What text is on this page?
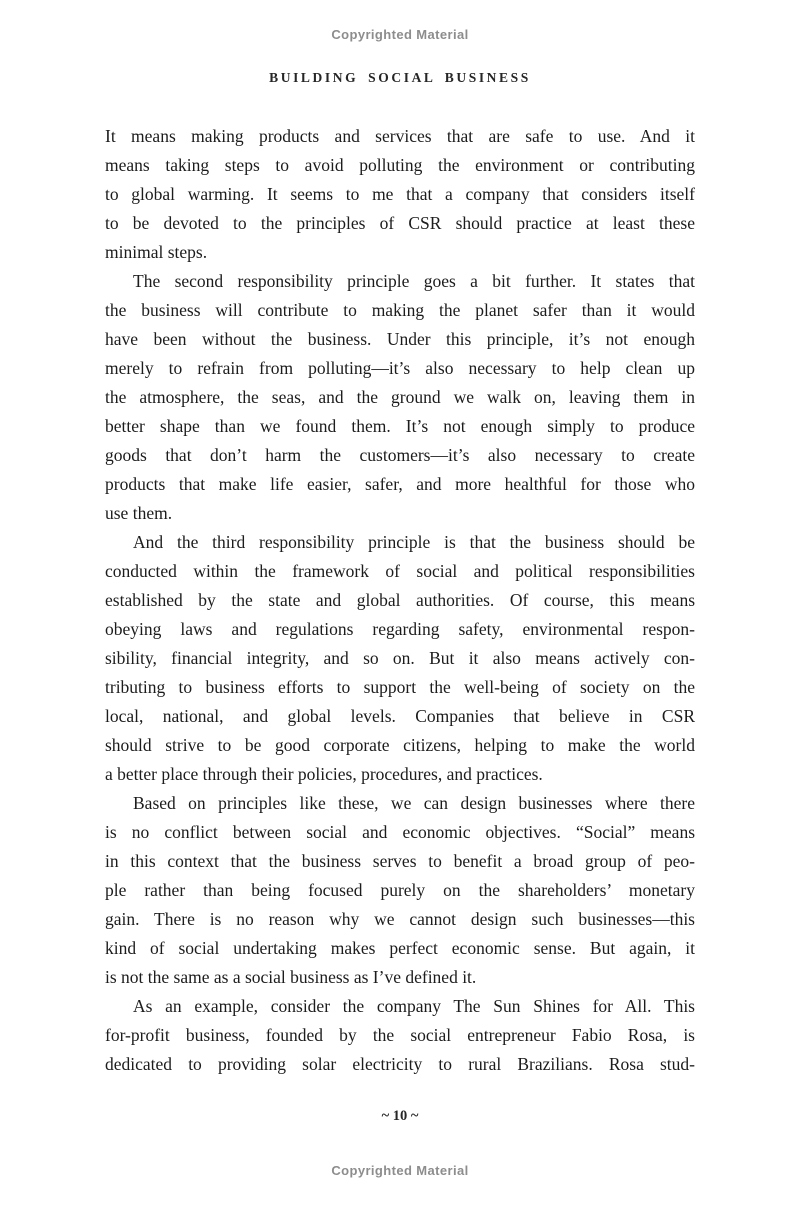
Copyrighted Material
BUILDING SOCIAL BUSINESS
It means making products and services that are safe to use. And it
means taking steps to avoid polluting the environment or contributing
to global warming. It seems to me that a company that considers itself
to be devoted to the principles of CSR should practice at least these
minimal steps.
The second responsibility principle goes a bit further. It states that
the business will contribute to making the planet safer than it would
have been without the business. Under this principle, it’s not enough
merely to refrain from polluting—it’s also necessary to help clean up
the atmosphere, the seas, and the ground we walk on, leaving them in
better shape than we found them. It’s not enough simply to produce
goods that don’t harm the customers—it’s also necessary to create
products that make life easier, safer, and more healthful for those who
use them.
And the third responsibility principle is that the business should be
conducted within the framework of social and political responsibilities
established by the state and global authorities. Of course, this means
obeying laws and regulations regarding safety, environmental respon-
sibility, financial integrity, and so on. But it also means actively con-
tributing to business efforts to support the well-being of society on the
local, national, and global levels. Companies that believe in CSR
should strive to be good corporate citizens, helping to make the world
a better place through their policies, procedures, and practices.
Based on principles like these, we can design businesses where there
is no conflict between social and economic objectives. “Social” means
in this context that the business serves to benefit a broad group of peo-
ple rather than being focused purely on the shareholders’ monetary
gain. There is no reason why we cannot design such businesses—this
kind of social undertaking makes perfect economic sense. But again, it
is not the same as a social business as I’ve defined it.
As an example, consider the company The Sun Shines for All. This
for-profit business, founded by the social entrepreneur Fabio Rosa, is
dedicated to providing solar electricity to rural Brazilians. Rosa stud-
~ 10 ~
Copyrighted Material
